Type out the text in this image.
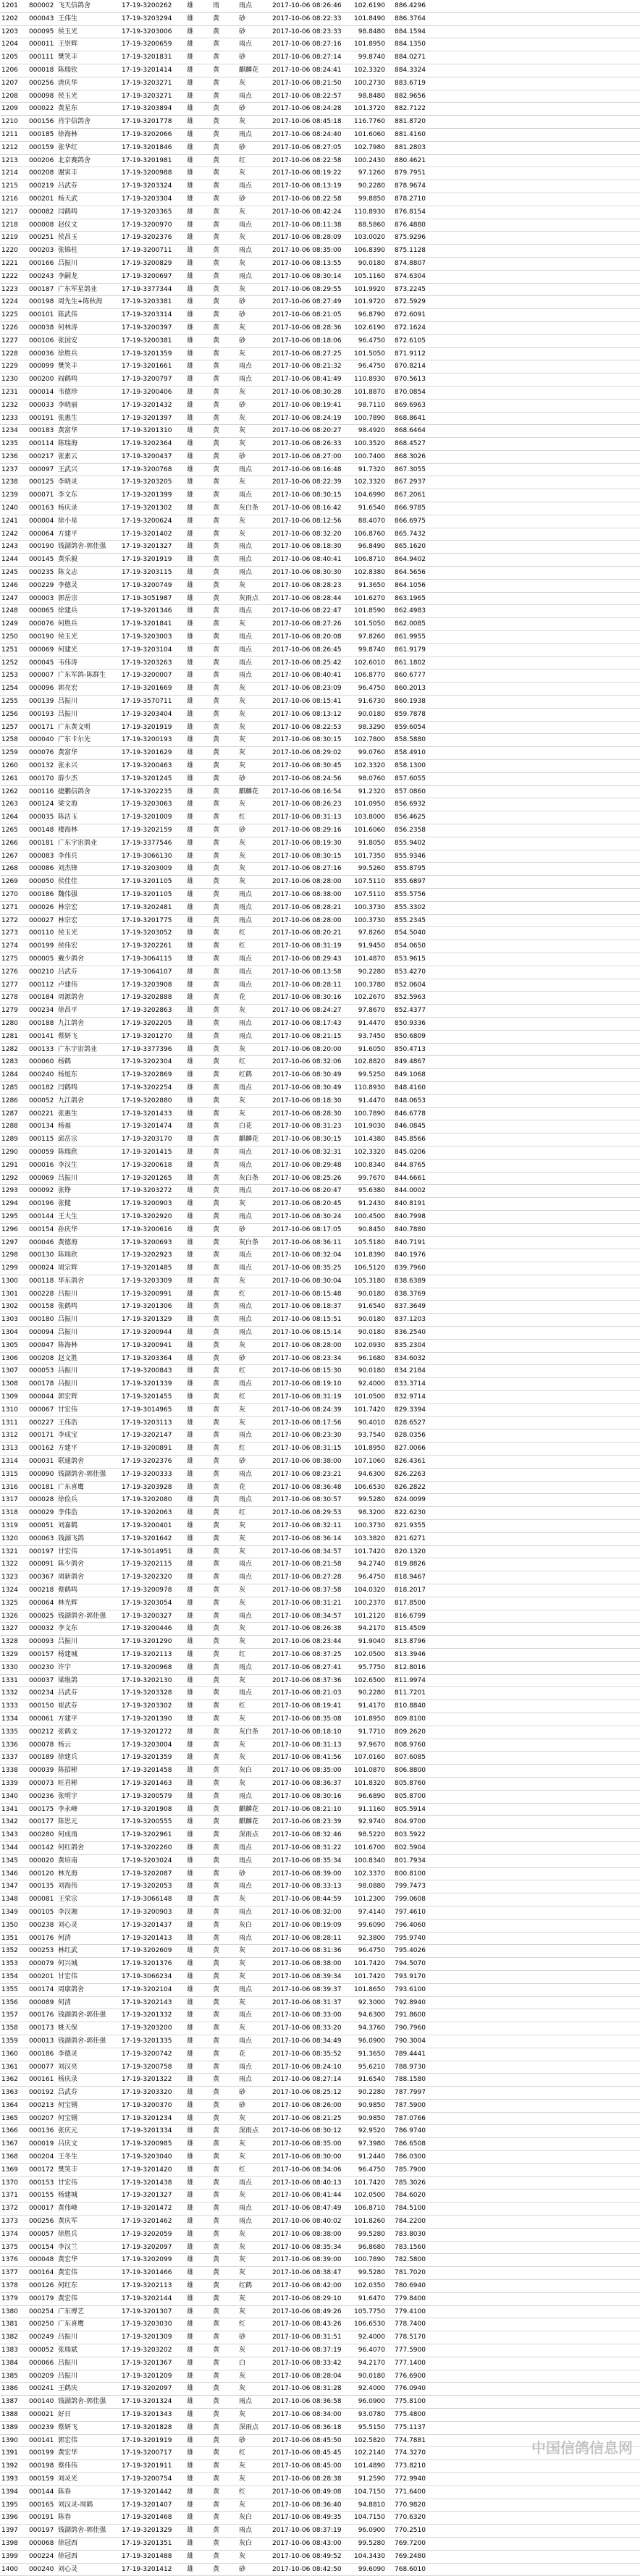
1201	800002	飞天信鸽舍	17-19-3200262	雄	雨	雨点	2017-10-06 08:26:46	102.6190	886.4296	
1202	000043	王伟生	17-19-3203294	雄	黄	砂	2017-10-06 08:22:33	101.8490	886.3764	
1203	000095	侯玉光	17-19-3203006	雄	黄	砂	2017-10-06 08:23:33	98.8480	884.1594	
1204	000011	王崇辉	17-19-3200659	雄	黄	雨点	2017-10-06 08:27:16	101.8950	884.1350	
1205	000111	樊笑丰	17-19-3201831	雄	黄	砂	2017-10-06 08:27:14	99.8740	884.0271	
1206	000018	陈瑞钦	17-19-3201414	雄	黄	麒麟花	2017-10-06 08:24:41	102.3320	884.3324	
1207	000256	唐庆华	17-19-3203271	雄	黄	灰	2017-10-06 08:21:50	100.2730	883.6719	
1208	000098	侯玉光	17-19-3203271	雄	黄	雨点	2017-10-06 08:22:57	98.8480	882.9656	
1209	000022	黄星东	17-19-3203894	雄	黄	砂	2017-10-06 08:24:28	101.3720	882.7122	
1210	000156	肖宇信鸽舍	17-19-3201778	雄	黄	灰	2017-10-06 08:45:18	116.7760	881.8720	
1211	000185	徐海林	17-19-3202066	雄	黄	雨点	2017-10-06 08:24:40	101.6060	881.4160	
1212	000159	张华红	17-19-3201846	雄	黄	砂	2017-10-06 08:27:05	102.7980	881.2803	
1213	000206	北京赛鸽舍	17-19-3201981	雄	黄	红	2017-10-06 08:22:58	100.2430	880.4621	
1214	000208	谢寅丰	17-19-3200988	雄	黄	灰	2017-10-06 08:19:22	97.1260	879.7951	
1215	000219	吕武芬	17-19-3203324	雄	黄	雨点	2017-10-06 08:13:19	90.2280	878.9674	
1216	000201	杨天武	17-19-3203304	雄	黄	砂	2017-10-06 08:22:58	99.8850	878.2710	
1217	000082	闫鹤鸣	17-19-3203365	雄	黄	灰	2017-10-06 08:42:24	110.8930	876.8154	
1218	000008	赵仪文	17-19-3200970	雄	黄	雨点	2017-10-06 08:11:38	88.5860	876.4880	
1219	000251	侯昌玉	17-19-3202376	雄	黄	灰	2017-10-06 08:28:09	103.0020	875.9296	
1220	000203	张锦柱	17-19-3200711	雄	黄	雨点	2017-10-06 08:35:00	106.8390	875.1128	
1221	000166	吕振川	17-19-3200829	雄	黄	灰	2017-10-06 08:13:55	90.0180	874.8807	
1222	000243	李嗣龙	17-19-3200697	雄	黄	雨点	2017-10-06 08:30:14	105.1160	874.6304	
1223	000187	广东军星鸽业	17-19-3377344	雄	黄	灰	2017-10-06 08:29:55	101.9920	873.2245	
1224	000198	周先生+陈秋海	17-19-3203381	雄	黄	砂	2017-10-06 08:27:49	101.9720	872.5929	
1225	000101	陈武伟	17-19-3203314	雄	黄	砂	2017-10-06 08:21:05	96.8790	872.6091	
1226	000038	何林涛	17-19-3200397	雄	黄	灰	2017-10-06 08:28:36	102.6190	872.1624	
1227	000106	张国安	17-19-3200381	雄	黄	砂	2017-10-06 08:18:06	96.4750	872.6105	
1228	000036	徐胜兵	17-19-3201359	雄	黄	灰	2017-10-06 08:27:25	101.5050	871.9112	
1229	000099	樊笑丰	17-19-3201661	雄	黄	雨点	2017-10-06 08:21:32	96.4750	870.8214	
1230	000200	阎鹤鸣	17-19-3200797	雄	黄	雨点	2017-10-06 08:41:49	110.8930	870.5613	
1231	000014	韦德珍	17-19-3200406	雄	黄	灰	2017-10-06 08:30:28	101.8870	870.0854	
1232	000033	李晓丽	17-19-3201432	雄	黄	砂	2017-10-06 08:19:41	98.7110	869.6963	
1233	000191	张惠生	17-19-3201397	雄	黄	灰	2017-10-06 08:24:19	100.7890	868.8641	
1234	000183	黄富华	17-19-3201310	雄	黄	灰	2017-10-06 08:20:27	98.4920	868.6464	
1235	000114	陈瑞海	17-19-3202364	雄	黄	灰	2017-10-06 08:26:33	100.3520	868.4527	
1236	000217	张素云	17-19-3200437	雄	黄	砂	2017-10-06 08:27:00	100.7400	868.3026	
1237	000097	王武兴	17-19-3200768	雄	黄	雨点	2017-10-06 08:16:48	91.7320	867.3055	
1238	000125	李晓灵	17-19-3203205	雄	黄	灰	2017-10-06 08:22:39	102.3320	867.2937	
1239	000071	李文东	17-19-3201399	雄	黄	雨点	2017-10-06 08:30:15	104.6990	867.2061	
1240	000163	杨庆录	17-19-3201302	雄	黄	灰白条	2017-10-06 08:16:42	91.6540	866.9785	
1241	000004	徐小星	17-19-3200624	雄	黄	灰	2017-10-06 08:12:56	88.4070	866.6975	
1242	000064	方建平	17-19-3201402	雄	黄	灰	2017-10-06 08:32:20	106.8760	865.7432	
1243	000190	钱湖鸽舍-郭佳强	17-19-3201327	雄	黄	雨点	2017-10-06 08:18:30	96.8490	865.1620	
1244	000145	黄乐毅	17-19-3201919	雄	黄	雨点	2017-10-06 08:40:41	106.8710	864.9402	
1245	000235	陈文志	17-19-3203115	雄	黄	雨点	2017-10-06 08:30:30	102.8380	864.5656	
1246	000229	李德灵	17-19-3200749	雄	黄	灰	2017-10-06 08:28:23	91.3650	864.1056	
1247	000003	郭岳宗	17-19-3051987	雄	黄	灰雨点	2017-10-06 08:28:44	101.6270	863.1965	
1248	000065	徐建兵	17-19-3201346	雄	黄	雨点	2017-10-06 08:22:47	101.8590	862.4983	
1249	000076	何胜兵	17-19-3201841	雄	黄	灰	2017-10-06 08:27:26	101.5050	862.0085	
1250	000190	侯玉光	17-19-3203003	雄	黄	雨点	2017-10-06 08:20:08	97.8260	861.9955	
1251	000069	何建光	17-19-3203104	雄	黄	雨点	2017-10-06 08:26:45	99.8740	861.9179	
1252	000045	韦伟涛	17-19-3203263	雄	黄	雨点	2017-10-06 08:25:42	102.6010	861.1802	
1253	000007	广东军鸽-陈群生	17-19-3200007	雄	黄	雨点	2017-10-06 08:40:41	106.8770	860.6777	
1254	000096	郭亮宏	17-19-3201669	雄	黄	灰	2017-10-06 08:23:09	96.4750	860.2013	
1255	000139	吕振川	17-19-3570711	雄	黄	灰	2017-10-06 08:15:41	91.6730	860.1938	
1256	000193	吕振川	17-19-3203404	雄	黄	灰	2017-10-06 08:13:12	90.0180	859.7878	
1257	000171	广东黄文明	17-19-3201919	雄	黄	灰	2017-10-06 08:22:53	98.3290	859.6054	
1258	000040	广东卡尔先	17-19-3200193	雄	黄	灰	2017-10-06 08:30:15	102.7800	858.5880	
1259	000076	黄富华	17-19-3201629	雄	黄	灰	2017-10-06 08:29:02	99.0760	858.4910	
1260	000132	张永兴	17-19-3200463	雄	黄	灰	2017-10-06 08:30:45	102.3320	858.1300	
1261	000170	薛少杰	17-19-3201245	雄	黄	砂	2017-10-06 08:24:56	98.0760	857.6055	
1262	000116	捷鹏信鸽舍	17-19-3202235	雄	黄	麒麟花	2017-10-06 08:16:54	91.2320	857.0860	
1263	000124	梁文海	17-19-3203063	雄	黄	灰	2017-10-06 08:26:23	101.0950	856.6932	
1264	000035	陈洁玉	17-19-3201009	雄	黄	红	2017-10-06 08:31:13	103.8000	856.4625	
1265	000148	楼海林	17-19-3202159	雄	黄	砂	2017-10-06 08:29:16	101.6060	856.2358	
1266	000181	广东宇宙鸽业	17-19-3377546	雄	黄	灰	2017-10-06 08:19:30	91.8050	855.9402	
1267	000083	李伟兵	17-19-3066130	雄	黄	灰	2017-10-06 08:30:15	101.7350	855.9346	
1268	000086	刘杰锋	17-19-3203009	雄	黄	灰	2017-10-06 08:27:16	99.5260	855.8795	
1269	000050	侯佳佳	17-19-3201105	雄	黄	灰	2017-10-06 08:28:00	107.5110	855.6897	
1270	000186	魏伟强	17-19-3201105	雄	黄	雨点	2017-10-06 08:38:00	107.5110	855.5756	
1271	000026	林宗宏	17-19-3202481	雄	黄	雨点	2017-10-06 08:28:21	100.3730	855.3302	
1272	000027	林宗宏	17-19-3201775	雄	黄	雨点	2017-10-06 08:28:00	100.3730	855.2345	
1273	000110	侯玉光	17-19-3203052	雄	黄	红	2017-10-06 08:20:21	97.8260	854.5040	
1274	000199	侯伟宏	17-19-3202261	雄	黄	红	2017-10-06 08:31:19	91.9450	854.0650	
1275	000005	戴少鸽舍	17-19-3064115	雄	黄	雨点	2017-10-06 08:29:43	101.4870	853.9615	
1276	000210	吕武芬	17-19-3064107	雄	黄	雨点	2017-10-06 08:13:58	90.2280	853.4270	
1277	000112	卢建伟	17-19-3203908	雄	黄	雨点	2017-10-06 08:28:11	100.3780	852.0604	
1278	000184	周源鸽舍	17-19-3202888	雄	黄	花	2017-10-06 08:30:16	102.2670	852.5963	
1279	000234	徐昌平	17-19-3202863	雄	黄	灰	2017-10-06 08:24:27	97.8670	852.4377	
1280	000188	九江鸽舍	17-19-3202205	雄	黄	雨点	2017-10-06 08:17:43	91.4470	850.9336	
1281	000141	蔡妍飞	17-19-3201270	雄	黄	雨点	2017-10-06 08:21:15	93.7450	850.6809	
1282	000133	广东宇宙鸽业	17-19-3377396	雄	黄	灰	2017-10-06 08:20:00	91.6050	850.4713	
1283	000060	杨鹤	17-19-3202304	雄	黄	红	2017-10-06 08:32:06	102.8820	849.4867	
1284	000240	杨旭东	17-19-3202869	雄	黄	红鹤	2017-10-06 08:30:49	99.5250	849.1068	
1285	000182	闫鹤鸣	17-19-3202254	雄	黄	雨点	2017-10-06 08:30:49	110.8930	848.4160	
1286	000052	九江鸽舍	17-19-3202880	雄	黄	灰	2017-10-06 08:18:30	91.4470	848.0653	
1287	000221	张惠生	17-19-3201433	雄	黄	灰	2017-10-06 08:28:30	100.7890	846.6778	
1288	000134	杨福	17-19-3201474	雄	黄	白花	2017-10-06 08:31:23	101.9030	846.0845	
1289	000115	邱岳宗	17-19-3203170	雄	黄	麒麟花	2017-10-06 08:30:15	101.4380	845.8566	
1290	000059	陈瑞欣	17-19-3201415	雄	黄	雨点	2017-10-06 08:32:31	102.3320	845.0206	
1291	000016	李汉生	17-19-3200618	雄	黄	雨点	2017-10-06 08:29:48	100.8340	844.8765	
1292	000069	吕振川	17-19-3201265	雄	黄	灰白条	2017-10-06 08:25:26	99.7670	844.6661	
1293	000092	张铮	17-19-3203272	雄	黄	雨点	2017-10-06 08:20:47	95.6380	844.0002	
1294	000196	张健	17-19-3200903	雄	黄	灰	2017-10-06 08:20:45	91.2430	840.8191	
1295	000144	王大生	17-19-3202920	雄	黄	雨点	2017-10-06 08:30:24	100.4500	840.7998	
1296	000154	孙庆华	17-19-3200616	雄	黄	砂	2017-10-06 08:17:05	90.8450	840.7880	
1297	000046	黄德海	17-19-3200693	雄	黄	灰白条	2017-10-06 08:36:11	105.5180	840.7191	
1298	000130	陈瑞欣	17-19-3202923	雄	黄	雨点	2017-10-06 08:32:04	101.8390	840.1976	
1299	000024	周宗辉	17-19-3201485	雄	黄	雨点	2017-10-06 08:35:25	106.5120	839.7960	
1300	000118	华东鸽舍	17-19-3203309	雄	黄	灰	2017-10-06 08:30:04	105.3180	838.6389	
1301	000228	吕振川	17-19-3200991	雄	黄	红	2017-10-06 08:15:48	90.0180	838.3769	
1302	000158	张鹤鸣	17-19-3201306	雄	黄	雨点	2017-10-06 08:18:37	91.6540	837.3649	
1303	000180	吕振川	17-19-3201329	雄	黄	雨点	2017-10-06 08:15:51	90.0180	837.1203	
1304	000094	吕振川	17-19-3200944	雄	黄	雨点	2017-10-06 08:15:14	90.0180	836.2540	
1305	000047	陈海林	17-19-3200941	雄	黄	灰	2017-10-06 08:28:00	102.0930	835.2304	
1306	000208	赵文胜	17-19-3203364	雄	黄	砂	2017-10-06 08:23:34	96.1680	834.6032	
1307	000053	吕振川	17-19-3200843	雄	黄	红	2017-10-06 08:15:30	90.0180	834.2184	
1308	000178	吕振川	17-19-3201339	雄	黄	雨点	2017-10-06 08:19:10	92.4000	833.3714	
1309	000044	郭宏辉	17-19-3201455	雄	黄	红	2017-10-06 08:31:19	101.0500	832.9714	
1310	000067	甘宏伟	17-19-3014965	雄	黄	灰	2017-10-06 08:24:39	101.7420	829.3394	
1311	000227	王伟浩	17-19-3203113	雄	黄	灰	2017-10-06 08:17:56	90.4010	828.6527	
1312	000171	李成宝	17-19-3202147	雄	黄	雨点	2017-10-06 08:23:30	93.7540	828.0356	
1313	000162	方建平	17-19-3200891	雄	黄	红	2017-10-06 08:31:15	101.8950	827.0066	
1314	000031	联通鸽舍	17-19-3202376	雄	黄	砂	2017-10-06 08:38:00	107.1060	826.4361	
1315	000090	钱湖鸽舍-郭佳强	17-19-3200333	雄	黄	雨点	2017-10-06 08:23:21	94.6300	826.2263	
1316	000181	广东喜鹰	17-19-3203928	雄	黄	花	2017-10-06 08:36:48	106.6530	826.2822	
1317	000028	徐俭兵	17-19-3202080	雄	黄	雨点	2017-10-06 08:30:57	99.5280	824.0099	
1318	000029	李伟浩	17-19-3202063	雄	黄	红	2017-10-06 08:29:53	98.3200	822.6230	
1319	000051	刘嘉鹤	17-19-3200401	雄	黄	灰	2017-10-06 08:32:11	100.3730	821.9355	
1320	000063	钱湖飞鸽	17-19-3201642	雄	黄	灰	2017-10-06 08:36:14	103.3820	821.6271	
1321	000197	甘宏伟	17-19-3014951	雄	黄	灰	2017-10-06 08:34:57	101.7420	820.1320	
1322	000091	陈少鸽舍	17-19-3202115	雄	黄	雨点	2017-10-06 08:21:58	94.2740	819.8826	
1323	000367	周新鸽舍	17-19-3202320	雄	黄	雨点	2017-10-06 08:27:28	96.4750	818.9467	
1324	000218	蔡鹤鸣	17-19-3200978	雄	黄	灰	2017-10-06 08:37:58	104.0320	818.2017	
1325	000064	林光辉	17-19-3203054	雄	黄	灰	2017-10-06 08:31:21	100.2370	817.8500	
1326	000025	钱湖鸽舍-郭佳强	17-19-3200327	雄	黄	雨点	2017-10-06 08:34:57	101.2120	816.6799	
1327	000032	李文东	17-19-3200446	雄	黄	灰	2017-10-06 08:26:38	94.2170	815.4509	
1328	000093	吕振川	17-19-3201290	雄	黄	灰	2017-10-06 08:23:44	91.9040	813.8796	
1329	000157	杨建城	17-19-3202113	雄	黄	红	2017-10-06 08:37:25	102.0500	813.3946	
1330	000230	许宇	17-19-3200968	雄	黄	雨点	2017-10-06 08:27:41	95.7750	812.8016	
1331	000037	梁维鸽	17-19-3202130	雄	黄	灰	2017-10-06 08:37:36	102.6500	811.9974	
1332	000234	吕武芬	17-19-3203328	雄	黄	雨点	2017-10-06 08:21:03	90.2280	811.7201	
1333	000150	崔武芬	17-19-3203302	雄	黄	红	2017-10-06 08:19:41	91.4170	810.8840	
1334	000061	方建平	17-19-3201390	雄	黄	灰	2017-10-06 08:35:08	101.8950	809.8100	
1335	000212	张鹤文	17-19-3201272	雄	黄	灰白条	2017-10-06 08:18:10	91.7710	809.2620	
1336	000078	杨云	17-19-3203004	雄	黄	灰	2017-10-06 08:31:13	97.9670	808.9760	
1337	000189	徐建兵	17-19-3201359	雄	黄	灰	2017-10-06 08:41:56	107.0160	807.6085	
1338	000039	陈招彬	17-19-3201458	雄	黄	灰白	2017-10-06 08:35:00	101.0870	806.8800	
1339	000073	旺君彬	17-19-3201463	雄	黄	灰	2017-10-06 08:36:37	101.8320	805.8760	
1340	000236	张明宇	17-19-3200579	雄	黄	雨点	2017-10-06 08:30:16	96.6890	805.8700	
1341	000175	李永峰	17-19-3201908	雄	黄	麒麟花	2017-10-06 08:21:10	91.1160	805.5914	
1342	000177	陈思元	17-19-3200555	雄	黄	麒麟花	2017-10-06 08:23:39	92.9740	804.9700	
1343	000280	何成雨	17-19-3202961	雄	黄	深雨点	2017-10-06 08:32:46	98.5220	803.5922	
1344	000142	何红鸽舍	17-19-3202260	雄	黄	雨点	2017-10-06 08:31:22	101.6700	802.5904	
1345	000020	黄培南	17-19-3203024	雄	黄	雨点	2017-10-06 08:35:34	100.8340	801.7934	
1346	000120	林光海	17-19-3202087	雄	黄	砂	2017-10-06 08:39:00	102.3370	800.8100	
1347	000135	刘海伟	17-19-3202053	雄	黄	雨点	2017-10-06 08:33:13	98.0880	799.7473	
1348	000081	王荣宗	17-19-3066148	雄	黄	灰	2017-10-06 08:44:59	101.2300	799.0608	
1349	000105	李汉湘	17-19-3200903	雄	黄	雨点	2017-10-06 08:32:00	97.4140	797.4610	
1350	000238	刘心灵	17-19-3201437	雄	黄	灰白	2017-10-06 08:19:09	99.6090	796.4060	
1351	000176	何清	17-19-3201413	雄	黄	雨点	2017-10-06 08:28:11	92.3800	795.9740	
1352	000253	林红武	17-19-3202609	雄	黄	灰	2017-10-06 08:31:36	96.4750	795.4026	
1353	000079	何兴城	17-19-3201376	雄	黄	灰	2017-10-06 08:38:00	101.7420	794.5070	
1354	000201	甘宏伟	17-19-3066234	雄	黄	灰	2017-10-06 08:39:34	101.7420	793.9170	
1355	000174	周康鸽舍	17-19-3202104	雄	黄	雨点	2017-10-06 08:39:37	101.8650	793.6100	
1356	000089	何清	17-19-3202143	雄	黄	灰	2017-10-06 08:31:37	92.3000	792.8940	
1357	000176	钱湖鸽舍-郭佳强	17-19-3201332	雄	黄	雨点	2017-10-06 08:33:00	94.6300	791.8600	
1358	000173	姚天保	17-19-3203200	雄	黄	灰	2017-10-06 08:33:20	94.3760	790.7960	
1359	000013	钱湖鸽舍-郭佳强	17-19-3201335	雄	黄	雨点	2017-10-06 08:34:49	96.0900	790.3004	
1360	000186	李德灵	17-19-3200742	雄	黄	花	2017-10-06 08:35:52	91.3650	789.4441	
1361	000077	刘汉亮	17-19-3200758	雄	黄	雨点	2017-10-06 08:24:10	95.6210	788.9730	
1362	000161	杨庆录	17-19-3201322	雄	黄	雨点	2017-10-06 08:27:14	91.6540	788.1580	
1363	000192	吕武芬	17-19-3203320	雄	黄	砂	2017-10-06 08:25:12	90.2280	787.7997	
1364	000213	何宝钢	17-19-3200370	雄	黄	砂	2017-10-06 08:26:00	90.9850	787.5900	
1365	000207	何宝钢	17-19-3201234	雄	黄	灰	2017-10-06 08:21:25	90.9850	787.0766	
1366	000136	张庆元	17-19-3201334	雄	黄	深雨点	2017-10-06 08:30:12	92.9520	786.9740	
1367	000019	吕庆文	17-19-3200985	雄	黄	灰	2017-10-06 08:35:00	97.3980	786.6508	
1368	000204	王冬生	17-19-3203040	雄	黄	灰	2017-10-06 08:30:00	91.2440	786.0300	
1369	000172	樊笑丰	17-19-3201420	雄	黄	红	2017-10-06 08:34:06	96.4750	785.7900	
1370	000153	甘宏伟	17-19-3201438	雄	黄	雨点	2017-10-06 08:40:13	101.7420	785.3026	
1371	000155	杨建城	17-19-3201327	雄	黄	灰	2017-10-06 08:41:44	102.0500	784.6020	
1372	000017	黄伟峰	17-19-3201472	雄	黄	雨点	2017-10-06 08:47:49	106.8710	784.5100	
1373	000256	黄庆军	17-19-3201462	雄	黄	雨点	2017-10-06 08:40:02	101.8260	784.2200	
1374	000057	徐胜兵	17-19-3202059	雄	黄	灰	2017-10-06 08:38:00	99.5280	783.8030	
1375	000154	李汉兰	17-19-3202097	雄	黄	灰	2017-10-06 08:35:34	96.8680	783.1560	
1376	000048	黄宏华	17-19-3202099	雄	黄	灰	2017-10-06 08:39:00	100.7890	782.5800	
1377	000164	黄宏伟	17-19-3201466	雄	黄	灰	2017-10-06 08:38:47	99.5280	781.7020	
1378	000126	何红东	17-19-3202113	雄	黄	红鹤	2017-10-06 08:42:00	102.0350	780.6940	
1379	000179	黄宏伟	17-19-3202144	雄	黄	灰	2017-10-06 08:29:10	91.6470	779.8400	
1380	000254	广东博艺	17-19-3201307	雄	黄	灰	2017-10-06 08:49:26	105.7750	779.4100	
1381	000250	广东喜鹰	17-19-3203030	雄	黄	红	2017-10-06 08:43:26	106.6530	778.7400	
1382	000249	吕振川	17-19-3201309	雄	黄	砂	2017-10-06 08:31:51	92.4000	778.5170	
1383	000052	张瑞斌	17-19-3203202	雄	黄	灰	2017-10-06 08:37:19	96.4070	777.5900	
1384	000066	吕振川	17-19-3201367	雄	黄	白	2017-10-06 08:33:42	94.2170	777.1400	
1385	000209	吕振川	17-19-3201209	雄	黄	灰	2017-10-06 08:28:04	90.0180	776.6900	
1386	000241	王鹤庆	17-19-3202097	雄	黄	灰	2017-10-06 08:31:28	92.4000	776.0940	
1387	000140	钱湖鸽舍-郭佳强	17-19-3201324	雄	黄	雨点	2017-10-06 08:36:58	96.0900	775.8100	
1388	000021	好日	17-19-3201343	雄	黄	灰	2017-10-06 08:34:00	93.0780	775.4800	
1389	000239	蔡妍飞	17-19-3201828	雄	黄	深雨点	2017-10-06 08:36:18	95.5150	775.1137	
1390	000141	郭宏伟	17-19-3201919	雄	黄	砂	2017-10-06 08:45:50	102.5820	774.7881	
1391	000199	黄宏华	17-19-3200717	雄	黄	红	2017-10-06 08:45:45	102.2140	774.3270	
1392	000198	蔡伟伟	17-19-3201911	雄	黄	灰	2017-10-06 08:45:00	101.4890	773.8210	
1393	000159	刘灵光	17-19-3200754	雄	黄	灰	2017-10-06 08:28:38	91.2590	772.9940	
1394	000144	陈春	17-19-3201442	雄	黄	红	2017-10-06 08:49:08	104.7150	771.6400	
1395	000165	刘汉灵-周鹤	17-19-3201407	雄	黄	灰	2017-10-06 08:36:40	94.8810	770.9820	
1396	000191	陈春	17-19-3201468	雄	黄	灰白	2017-10-06 08:49:35	104.7150	770.6320	
1397	000197	钱湖鸽舍-郭佳强	17-19-3201329	雄	黄	雨点	2017-10-06 08:37:19	96.0900	770.2510	
1398	000068	徐冠西	17-19-3201351	雄	黄	灰白	2017-10-06 08:43:00	99.5280	769.7200	
1399	000224	徐冠西	17-19-3201488	雄	黄	灰	2017-10-06 08:49:52	104.3430	769.2480	
1400	000240	刘心灵	17-19-3201412	雄	黄	砂	2017-10-06 08:42:50	99.6090	768.6010	
中国信鸽信息网
